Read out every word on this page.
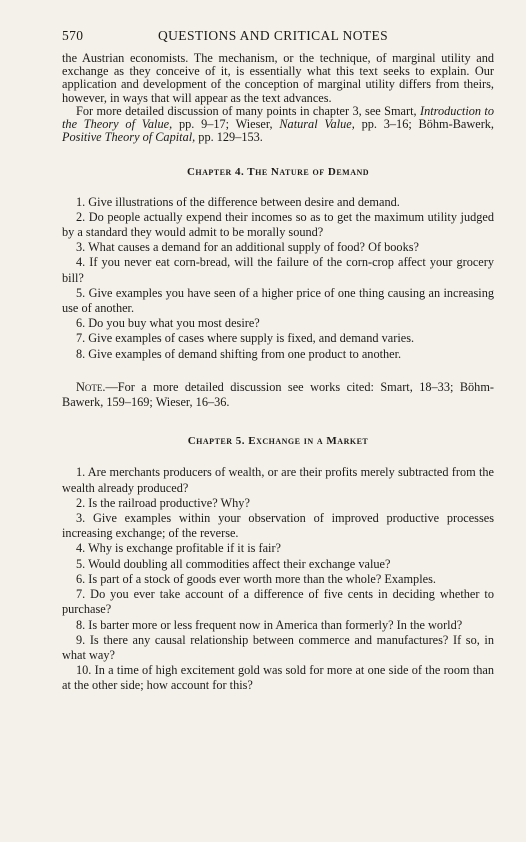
570	QUESTIONS AND CRITICAL NOTES

the Austrian economists. The mechanism, or the technique, of marginal utility and exchange as they conceive of it, is essentially what this text seeks to explain. Our application and development of the conception of marginal utility differs from theirs, however, in ways that will appear as the text advances.

For more detailed discussion of many points in chapter 3, see Smart, Introduction to the Theory of Value, pp. 9–17; Wieser, Natural Value, pp. 3–16; Böhm-Bawerk, Positive Theory of Capital, pp. 129–153.

Chapter 4. The Nature of Demand

1. Give illustrations of the difference between desire and demand.

2. Do people actually expend their incomes so as to get the maximum utility judged by a standard they would admit to be morally sound?

3. What causes a demand for an additional supply of food? Of books?

4. If you never eat corn-bread, will the failure of the corn-crop affect your grocery bill?

5. Give examples you have seen of a higher price of one thing causing an increasing use of another.

6. Do you buy what you most desire?

7. Give examples of cases where supply is fixed, and demand varies.

8. Give examples of demand shifting from one product to another.

Note.—For a more detailed discussion see works cited: Smart, 18–33; Böhm-Bawerk, 159–169; Wieser, 16–36.

Chapter 5. Exchange in a Market

1. Are merchants producers of wealth, or are their profits merely subtracted from the wealth already produced?

2. Is the railroad productive? Why?

3. Give examples within your observation of improved productive processes increasing exchange; of the reverse.

4. Why is exchange profitable if it is fair?

5. Would doubling all commodities affect their exchange value?

6. Is part of a stock of goods ever worth more than the whole? Examples.

7. Do you ever take account of a difference of five cents in deciding whether to purchase?

8. Is barter more or less frequent now in America than formerly? In the world?

9. Is there any causal relationship between commerce and manufactures? If so, in what way?

10. In a time of high excitement gold was sold for more at one side of the room than at the other side; how account for this?
